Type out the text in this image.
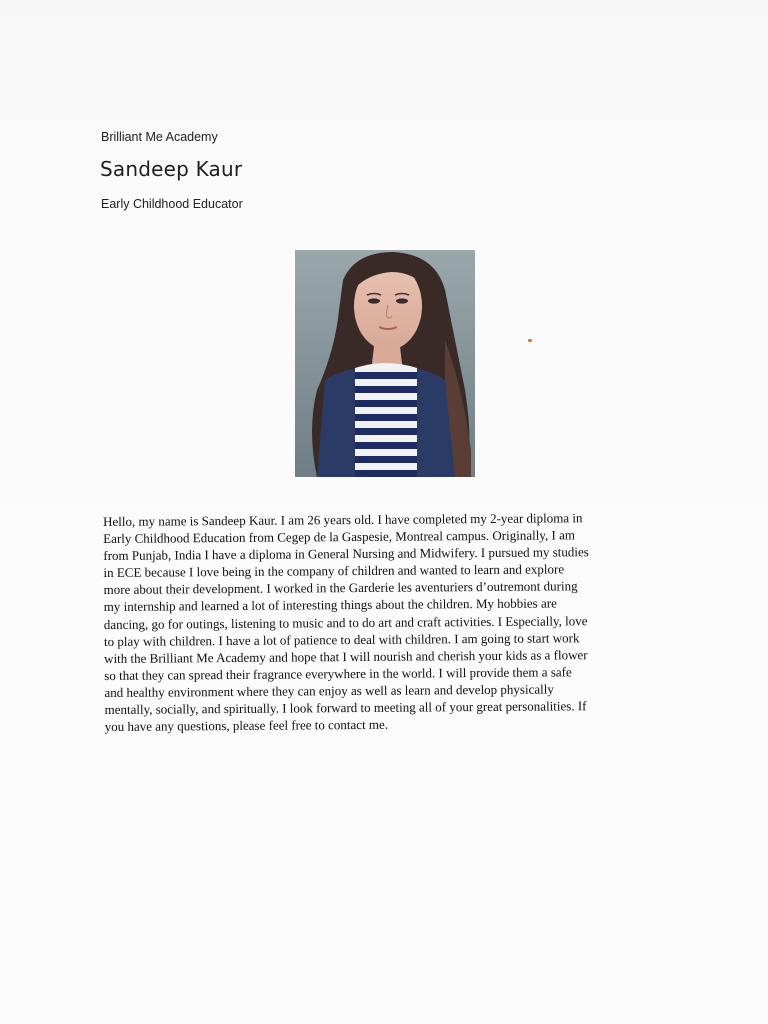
Brilliant Me Academy
Sandeep Kaur
Early Childhood Educator
Hello, my name is Sandeep Kaur. I am 26 years old. I have completed my 2-year diploma in
Early Childhood Education from Cegep de la Gaspesie, Montreal campus. Originally, I am
from Punjab, India I have a diploma in General Nursing and Midwifery. I pursued my studies
in ECE because I love being in the company of children and wanted to learn and explore
more about their development. I worked in the Garderie les aventuriers d’outremont during
my internship and learned a lot of interesting things about the children. My hobbies are
dancing, go for outings, listening to music and to do art and craft activities. I Especially, love
to play with children. I have a lot of patience to deal with children. I am going to start work
with the Brilliant Me Academy and hope that I will nourish and cherish your kids as a flower
so that they can spread their fragrance everywhere in the world. I will provide them a safe
and healthy environment where they can enjoy as well as learn and develop physically
mentally, socially, and spiritually. I look forward to meeting all of your great personalities. If
you have any questions, please feel free to contact me.
